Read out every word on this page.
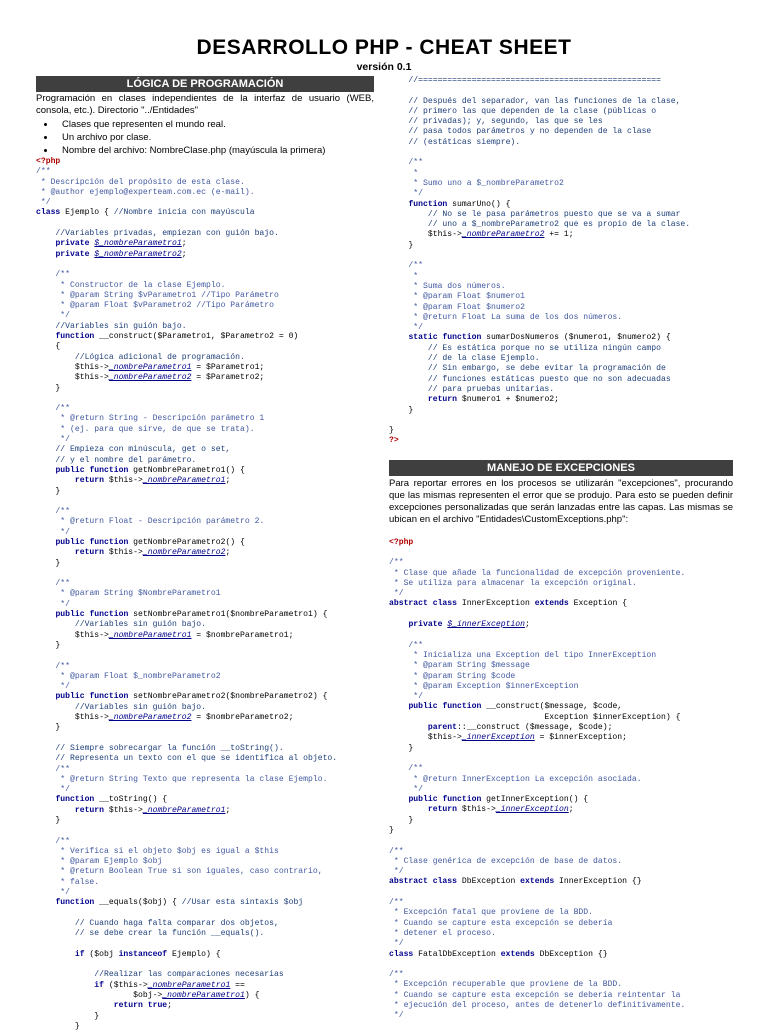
DESARROLLO PHP - CHEAT SHEET
versión 0.1
LÓGICA DE PROGRAMACIÓN
Programación en clases independientes de la interfaz de usuario (WEB, consola, etc.). Directorio "../Entidades"
• Clases que representen el mundo real.
• Un archivo por clase.
• Nombre del archivo: NombreClase.php (mayúscula la primera)
<?php
/**
* Descripción del propósito de esta clase.
* @author ejemplo@experteam.com.ec (e-mail).
*/
class Ejemplo { //Nombre inicia con mayúscula
//Variables privadas, empiezan con guión bajo.
private $_nombreParametro1;
private $_nombreParametro2;
/**
* Constructor de la clase Ejemplo.
* @param String $vParametro1 //Tipo Parámetro
* @param Float $vParametro2 //Tipo Parámetro
*/
//Variables sin guión bajo.
function __construct($Parametro1, $Parametro2 = 0)
{
//Lógica adicional de programación.
$this->_nombreParametro1 = $Parametro1;
$this->_nombreParametro2 = $Parametro2;
}
/**
* @return String - Descripción parámetro 1
* (ej. para que sirve, de que se trata).
*/
// Empieza con minúscula, get o set,
// y el nombre del parámetro.
public function getNombreParametro1() {
return $this->_nombreParametro1;
}
/**
* @return Float - Descripción parámetro 2.
*/
public function getNombreParametro2() {
return $this->_nombreParametro2;
}
/**
* @param String $NombreParametro1
*/
public function setNombreParametro1($nombreParametro1) {
//Variables sin guión bajo.
$this->_nombreParametro1 = $nombreParametro1;
}
/**
* @param Float $_nombreParametro2
*/
public function setNombreParametro2($nombreParametro2) {
//Variables sin guión bajo.
$this->_nombreParametro2 = $nombreParametro2;
}
// Siempre sobrecargar la función __toString().
// Representa un texto con el que se identifica al objeto.
/**
* @return String Texto que representa la clase Ejemplo.
*/
function __toString() {
return $this->_nombreParametro1;
}
/**
* Verifica si el objeto $obj es igual a $this
* @param Ejemplo $obj
* @return Boolean True si son iguales, caso contrario,
* false.
*/
function __equals($obj) { //Usar esta sintaxis $obj
// Cuando haga falta comparar dos objetos,
// se debe crear la función __equals().
if ($obj instanceof Ejemplo) {
//Realizar las comparaciones necesarias
if ($this->_nombreParametro1 ==
$obj->_nombreParametro1) {
return true;
}
}
//==================================================
// Después del separador, van las funciones de la clase,
// primero las que dependen de la clase (públicas o
// privadas); y, segundo, las que se les
// pasa todos parámetros y no dependen de la clase
// (estáticas siempre).
/**
*
* Sumo uno a $_nombreParametro2
*/
function sumarUno() {
// No se le pasa parámetros puesto que se va a sumar
// uno a $_nombreParametro2 que es propio de la clase.
$this->_nombreParametro2 += 1;
}
/**
*
* Suma dos números.
* @param Float $numero1
* @param Float $numero2
* @return Float La suma de los dos números.
*/
static function sumarDosNumeros ($numero1, $numero2) {
// Es estática porque no se utiliza ningún campo
// de la clase Ejemplo.
// Sin embargo, se debe evitar la programación de
// funciones estáticas puesto que no son adecuadas
// para pruebas unitarias.
return $numero1 + $numero2;
}
}
?>
MANEJO DE EXCEPCIONES
Para reportar errores en los procesos se utilizarán "excepciones", procurando que las mismas representen el error que se produjo. Para esto se pueden definir excepciones personalizadas que serán lanzadas entre las capas. Las mismas se ubican en el archivo "Entidades\CustomExceptions.php":
<?php
/**
* Clase que añade la funcionalidad de excepción proveniente.
* Se utiliza para almacenar la excepción original.
*/
abstract class InnerException extends Exception {
private $_innerException;
/**
* Inicializa una Exception del tipo InnerException
* @param String $message
* @param String $code
* @param Exception $innerException
*/
public function __construct($message, $code,
Exception $innerException) {
parent::__construct ($message, $code);
$this->_innerException = $innerException;
}
/**
* @return InnerException La excepción asociada.
*/
public function getInnerException() {
return $this->_innerException;
}
}
/**
* Clase genérica de excepción de base de datos.
*/
abstract class DbException extends InnerException {}
/**
* Excepción fatal que proviene de la BDD.
* Cuando se capture esta excepción se debería
* detener el proceso.
*/
class FatalDbException extends DbException {}
/**
* Excepción recuperable que proviene de la BDD.
* Cuando se capture esta excepción se debería reintentar la
* ejecución del proceso, antes de detenerlo definitivamente.
*/
